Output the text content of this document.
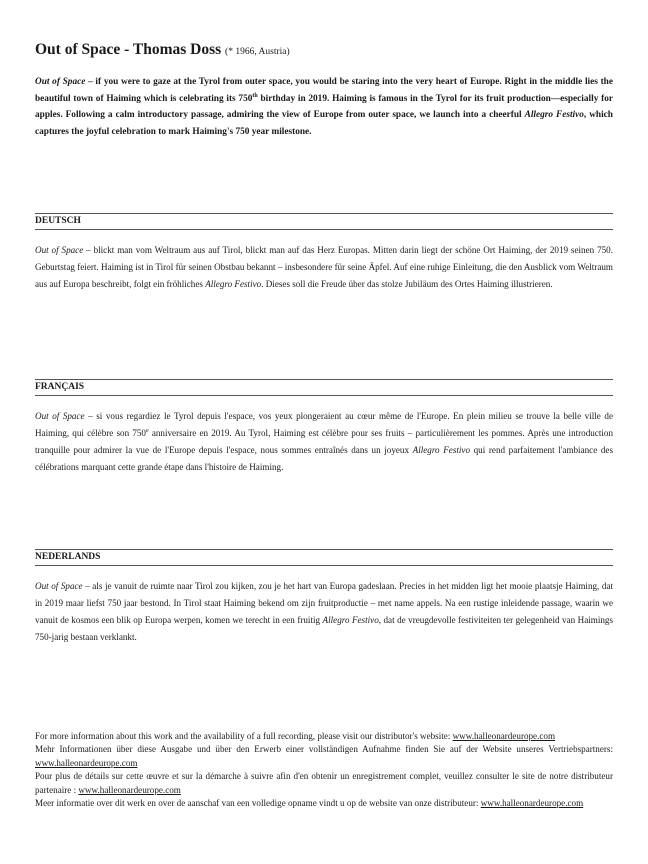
Out of Space - Thomas Doss (* 1966, Austria)

Out of Space – if you were to gaze at the Tyrol from outer space, you would be staring into the very heart of Europe. Right in the middle lies the beautiful town of Haiming which is celebrating its 750th birthday in 2019. Haiming is famous in the Tyrol for its fruit production—especially for apples. Following a calm introductory passage, admiring the view of Europe from outer space, we launch into a cheerful Allegro Festivo, which captures the joyful celebration to mark Haiming's 750 year milestone.

DEUTSCH

Out of Space – blickt man vom Weltraum aus auf Tirol, blickt man auf das Herz Europas. Mitten darin liegt der schöne Ort Haiming, der 2019 seinen 750. Geburtstag feiert. Haiming ist in Tirol für seinen Obstbau bekannt – insbesondere für seine Äpfel. Auf eine ruhige Einleitung, die den Ausblick vom Weltraum aus auf Europa beschreibt, folgt ein fröhliches Allegro Festivo. Dieses soll die Freude über das stolze Jubiläum des Ortes Haiming illustrieren.

FRANÇAIS

Out of Space – si vous regardiez le Tyrol depuis l'espace, vos yeux plongeraient au cœur même de l'Europe. En plein milieu se trouve la belle ville de Haiming, qui célèbre son 750e anniversaire en 2019. Au Tyrol, Haiming est célèbre pour ses fruits – particulièrement les pommes. Après une introduction tranquille pour admirer la vue de l'Europe depuis l'espace, nous sommes entraînés dans un joyeux Allegro Festivo qui rend parfaitement l'ambiance des célébrations marquant cette grande étape dans l'histoire de Haiming.

NEDERLANDS

Out of Space – als je vanuit de ruimte naar Tirol zou kijken, zou je het hart van Europa gadeslaan. Precies in het midden ligt het mooie plaatsje Haiming, dat in 2019 maar liefst 750 jaar bestond. In Tirol staat Haiming bekend om zijn fruitproductie – met name appels. Na een rustige inleidende passage, waarin we vanuit de kosmos een blik op Europa werpen, komen we terecht in een fruitig Allegro Festivo, dat de vreugdevolle festiviteiten ter gelegenheid van Haimings 750-jarig bestaan verklankt.

For more information about this work and the availability of a full recording, please visit our distributor's website: www.halleonardeurope.com

Mehr Informationen über diese Ausgabe und über den Erwerb einer vollständigen Aufnahme finden Sie auf der Website unseres Vertriebspartners: www.halleonardeurope.com

Pour plus de détails sur cette œuvre et sur la démarche à suivre afin d'en obtenir un enregistrement complet, veuillez consulter le site de notre distributeur partenaire : www.halleonardeurope.com

Meer informatie over dit werk en over de aanschaf van een volledige opname vindt u op de website van onze distributeur: www.halleonardeurope.com
